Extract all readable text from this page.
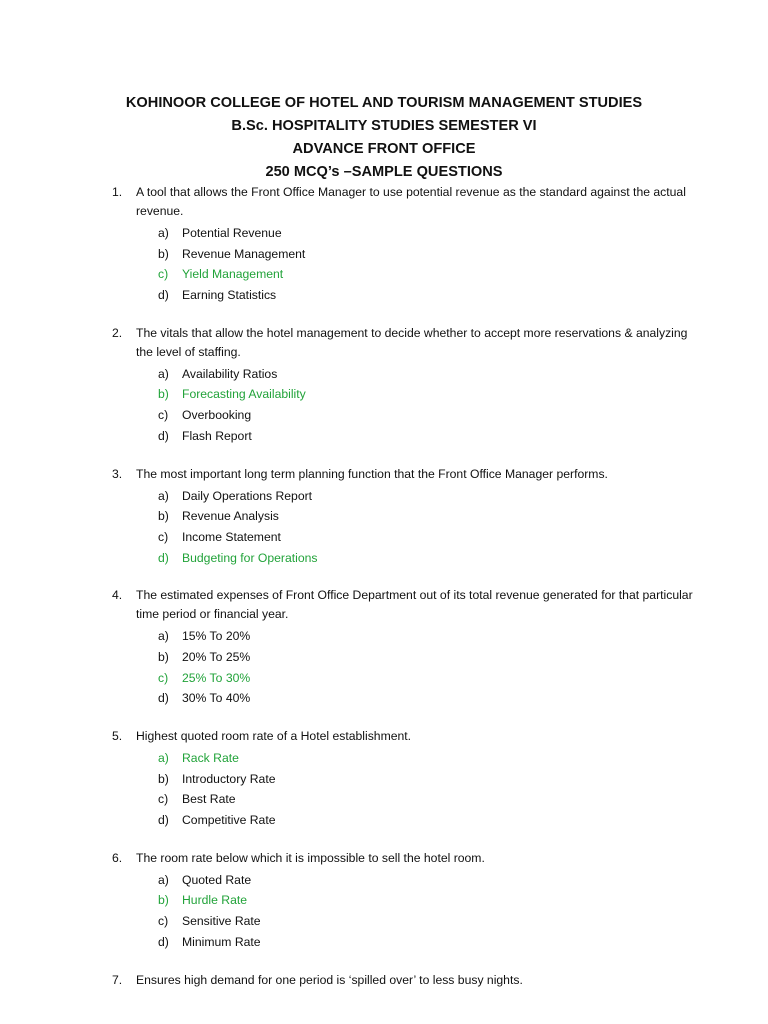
KOHINOOR COLLEGE OF HOTEL AND TOURISM MANAGEMENT STUDIES
B.Sc. HOSPITALITY STUDIES SEMESTER VI
ADVANCE FRONT OFFICE
250 MCQ’s –SAMPLE QUESTIONS
1. A tool that allows the Front Office Manager to use potential revenue as the standard against the actual revenue.
a) Potential Revenue
b) Revenue Management
c) Yield Management
d) Earning Statistics
2. The vitals that allow the hotel management to decide whether to accept more reservations & analyzing the level of staffing.
a) Availability Ratios
b) Forecasting Availability
c) Overbooking
d) Flash Report
3. The most important long term planning function that the Front Office Manager performs.
a) Daily Operations Report
b) Revenue Analysis
c) Income Statement
d) Budgeting for Operations
4. The estimated expenses of Front Office Department out of its total revenue generated for that particular time period or financial year.
a) 15% To 20%
b) 20% To 25%
c) 25% To 30%
d) 30% To 40%
5. Highest quoted room rate of a Hotel establishment.
a) Rack Rate
b) Introductory Rate
c) Best Rate
d) Competitive Rate
6. The room rate below which it is impossible to sell the hotel room.
a) Quoted Rate
b) Hurdle Rate
c) Sensitive Rate
d) Minimum Rate
7. Ensures high demand for one period is ‘spilled over’ to less busy nights.
